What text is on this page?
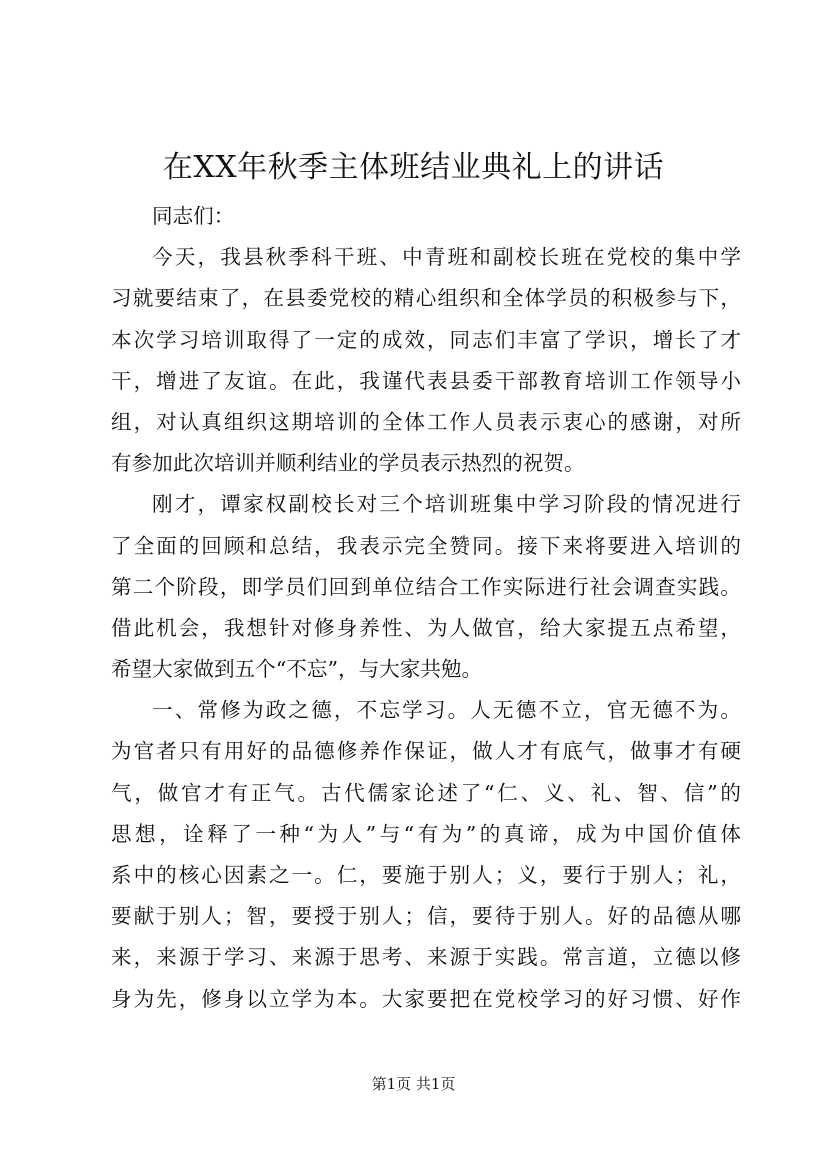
在XX年秋季主体班结业典礼上的讲话
同志们：
今天，我县秋季科干班、中青班和副校长班在党校的集中学
习就要结束了，在县委党校的精心组织和全体学员的积极参与下，
本次学习培训取得了一定的成效，同志们丰富了学识，增长了才
干，增进了友谊。在此，我谨代表县委干部教育培训工作领导小
组，对认真组织这期培训的全体工作人员表示衷心的感谢，对所
有参加此次培训并顺利结业的学员表示热烈的祝贺。
刚才，谭家权副校长对三个培训班集中学习阶段的情况进行
了全面的回顾和总结，我表示完全赞同。接下来将要进入培训的
第二个阶段，即学员们回到单位结合工作实际进行社会调查实践。
借此机会，我想针对修身养性、为人做官，给大家提五点希望，
希望大家做到五个“不忘”，与大家共勉。
一、常修为政之德，不忘学习。人无德不立，官无德不为。
为官者只有用好的品德修养作保证，做人才有底气，做事才有硬
气，做官才有正气。古代儒家论述了“仁、义、礼、智、信”的
思想，诠释了一种“为人”与“有为”的真谛，成为中国价值体
系中的核心因素之一。仁，要施于别人；义，要行于别人；礼，
要献于别人；智，要授于别人；信，要待于别人。好的品德从哪
来，来源于学习、来源于思考、来源于实践。常言道，立德以修
身为先，修身以立学为本。大家要把在党校学习的好习惯、好作
第1页 共1页
